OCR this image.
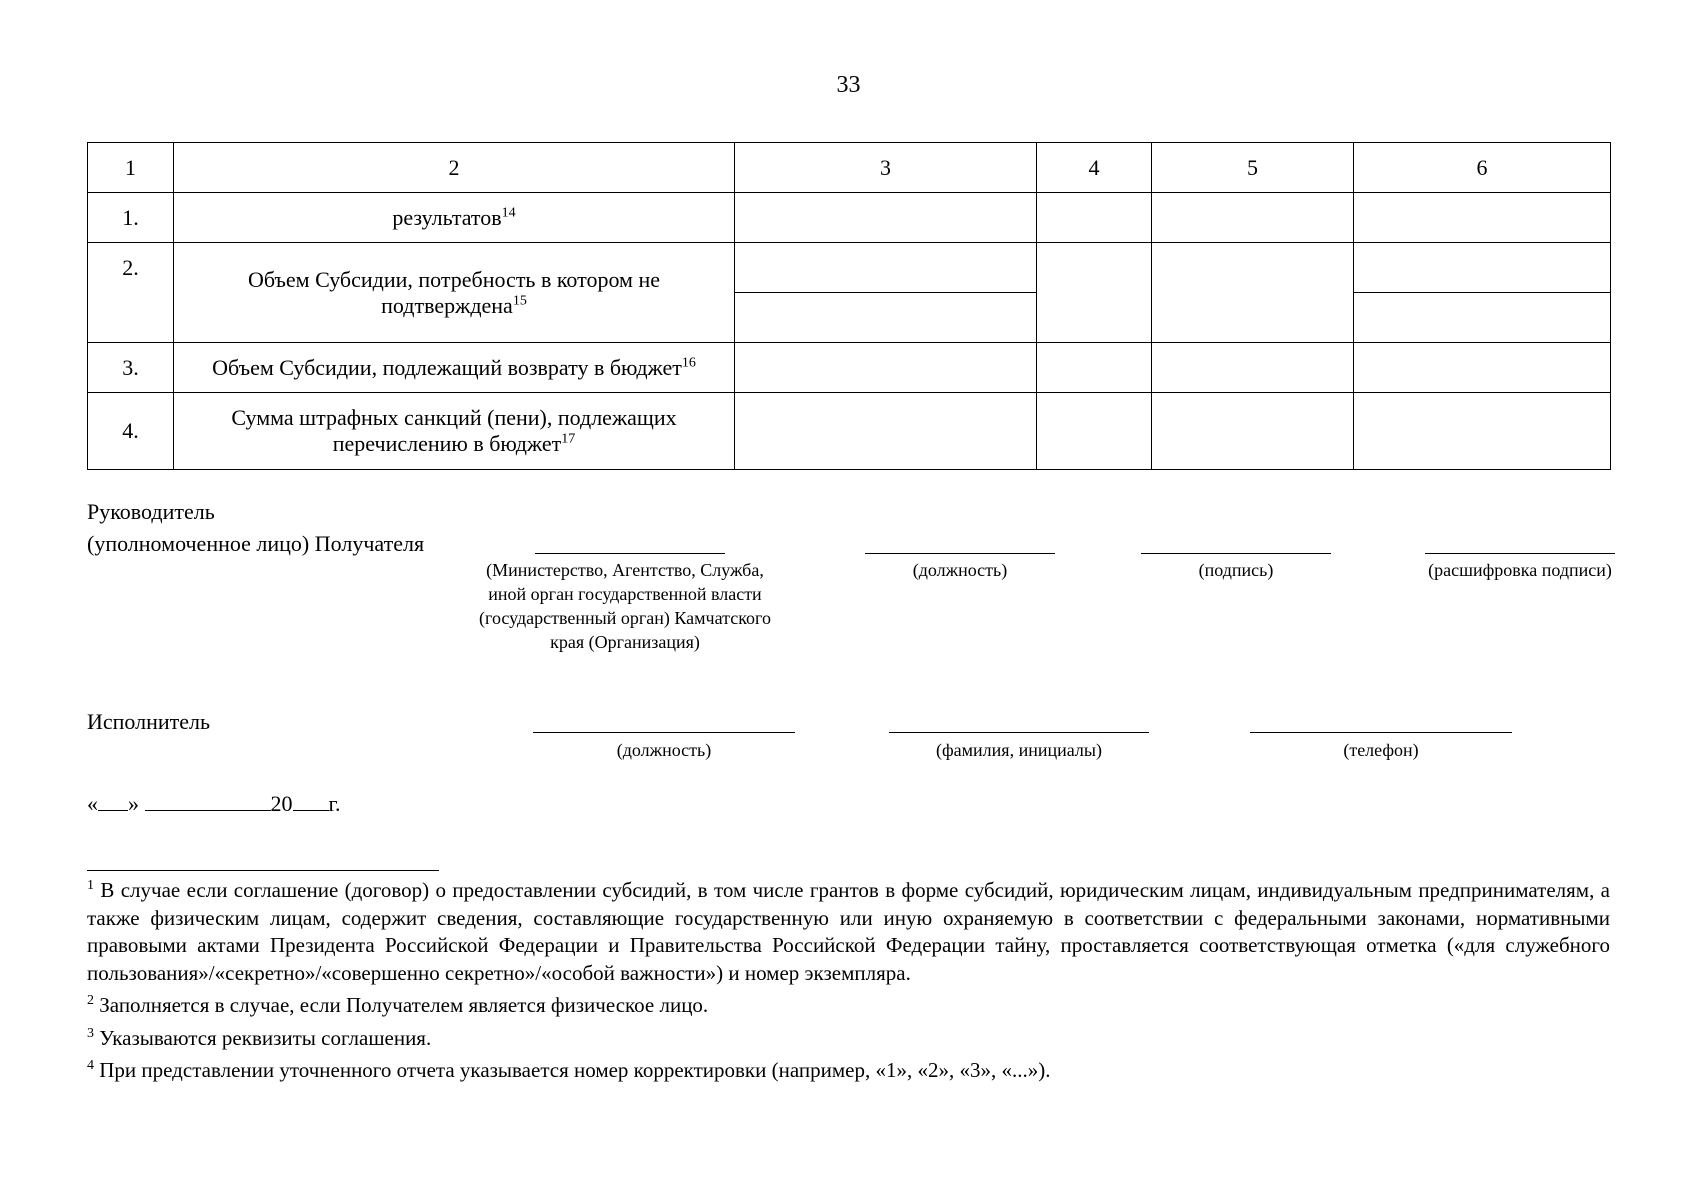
33
1	2	3	4	5	6
1.	результатов$^{14}$				
2.	Объем Субсидии, потребность в котором не подтверждена$^{15}$				

3.	Объем Субсидии, подлежащий возврату в бюджет$^{16}$				
4.	Сумма штрафных санкций (пени), подлежащих перечислению в бюджет$^{17}$				
Руководитель
(уполномоченное лицо) Получателя
(Министерство, Агентство, Служба, иной орган государственной власти (государственный орган) Камчатского края (Организация)
(должность)	(подпись)	(расшифровка подписи)
Исполнитель
(должность)	(фамилия, инициалы)	(телефон)
« »	20 г.

$^1$ В случае если соглашение (договор) о предоставлении субсидий, в том числе грантов в форме субсидий, юридическим лицам, индивидуальным предпринимателям, а также физическим лицам, содержит сведения, составляющие государственную или иную охраняемую в соответствии с федеральными законами, нормативными правовыми актами Президента Российской Федерации и Правительства Российской Федерации тайну, проставляется соответствующая отметка («для служебного пользования»/«секретно»/«совершенно секретно»/«особой важности») и номер экземпляра.

$^2$ Заполняется в случае, если Получателем является физическое лицо.

$^3$ Указываются реквизиты соглашения.

$^4$ При представлении уточненного отчета указывается номер корректировки (например, «1», «2», «3», «...»).
